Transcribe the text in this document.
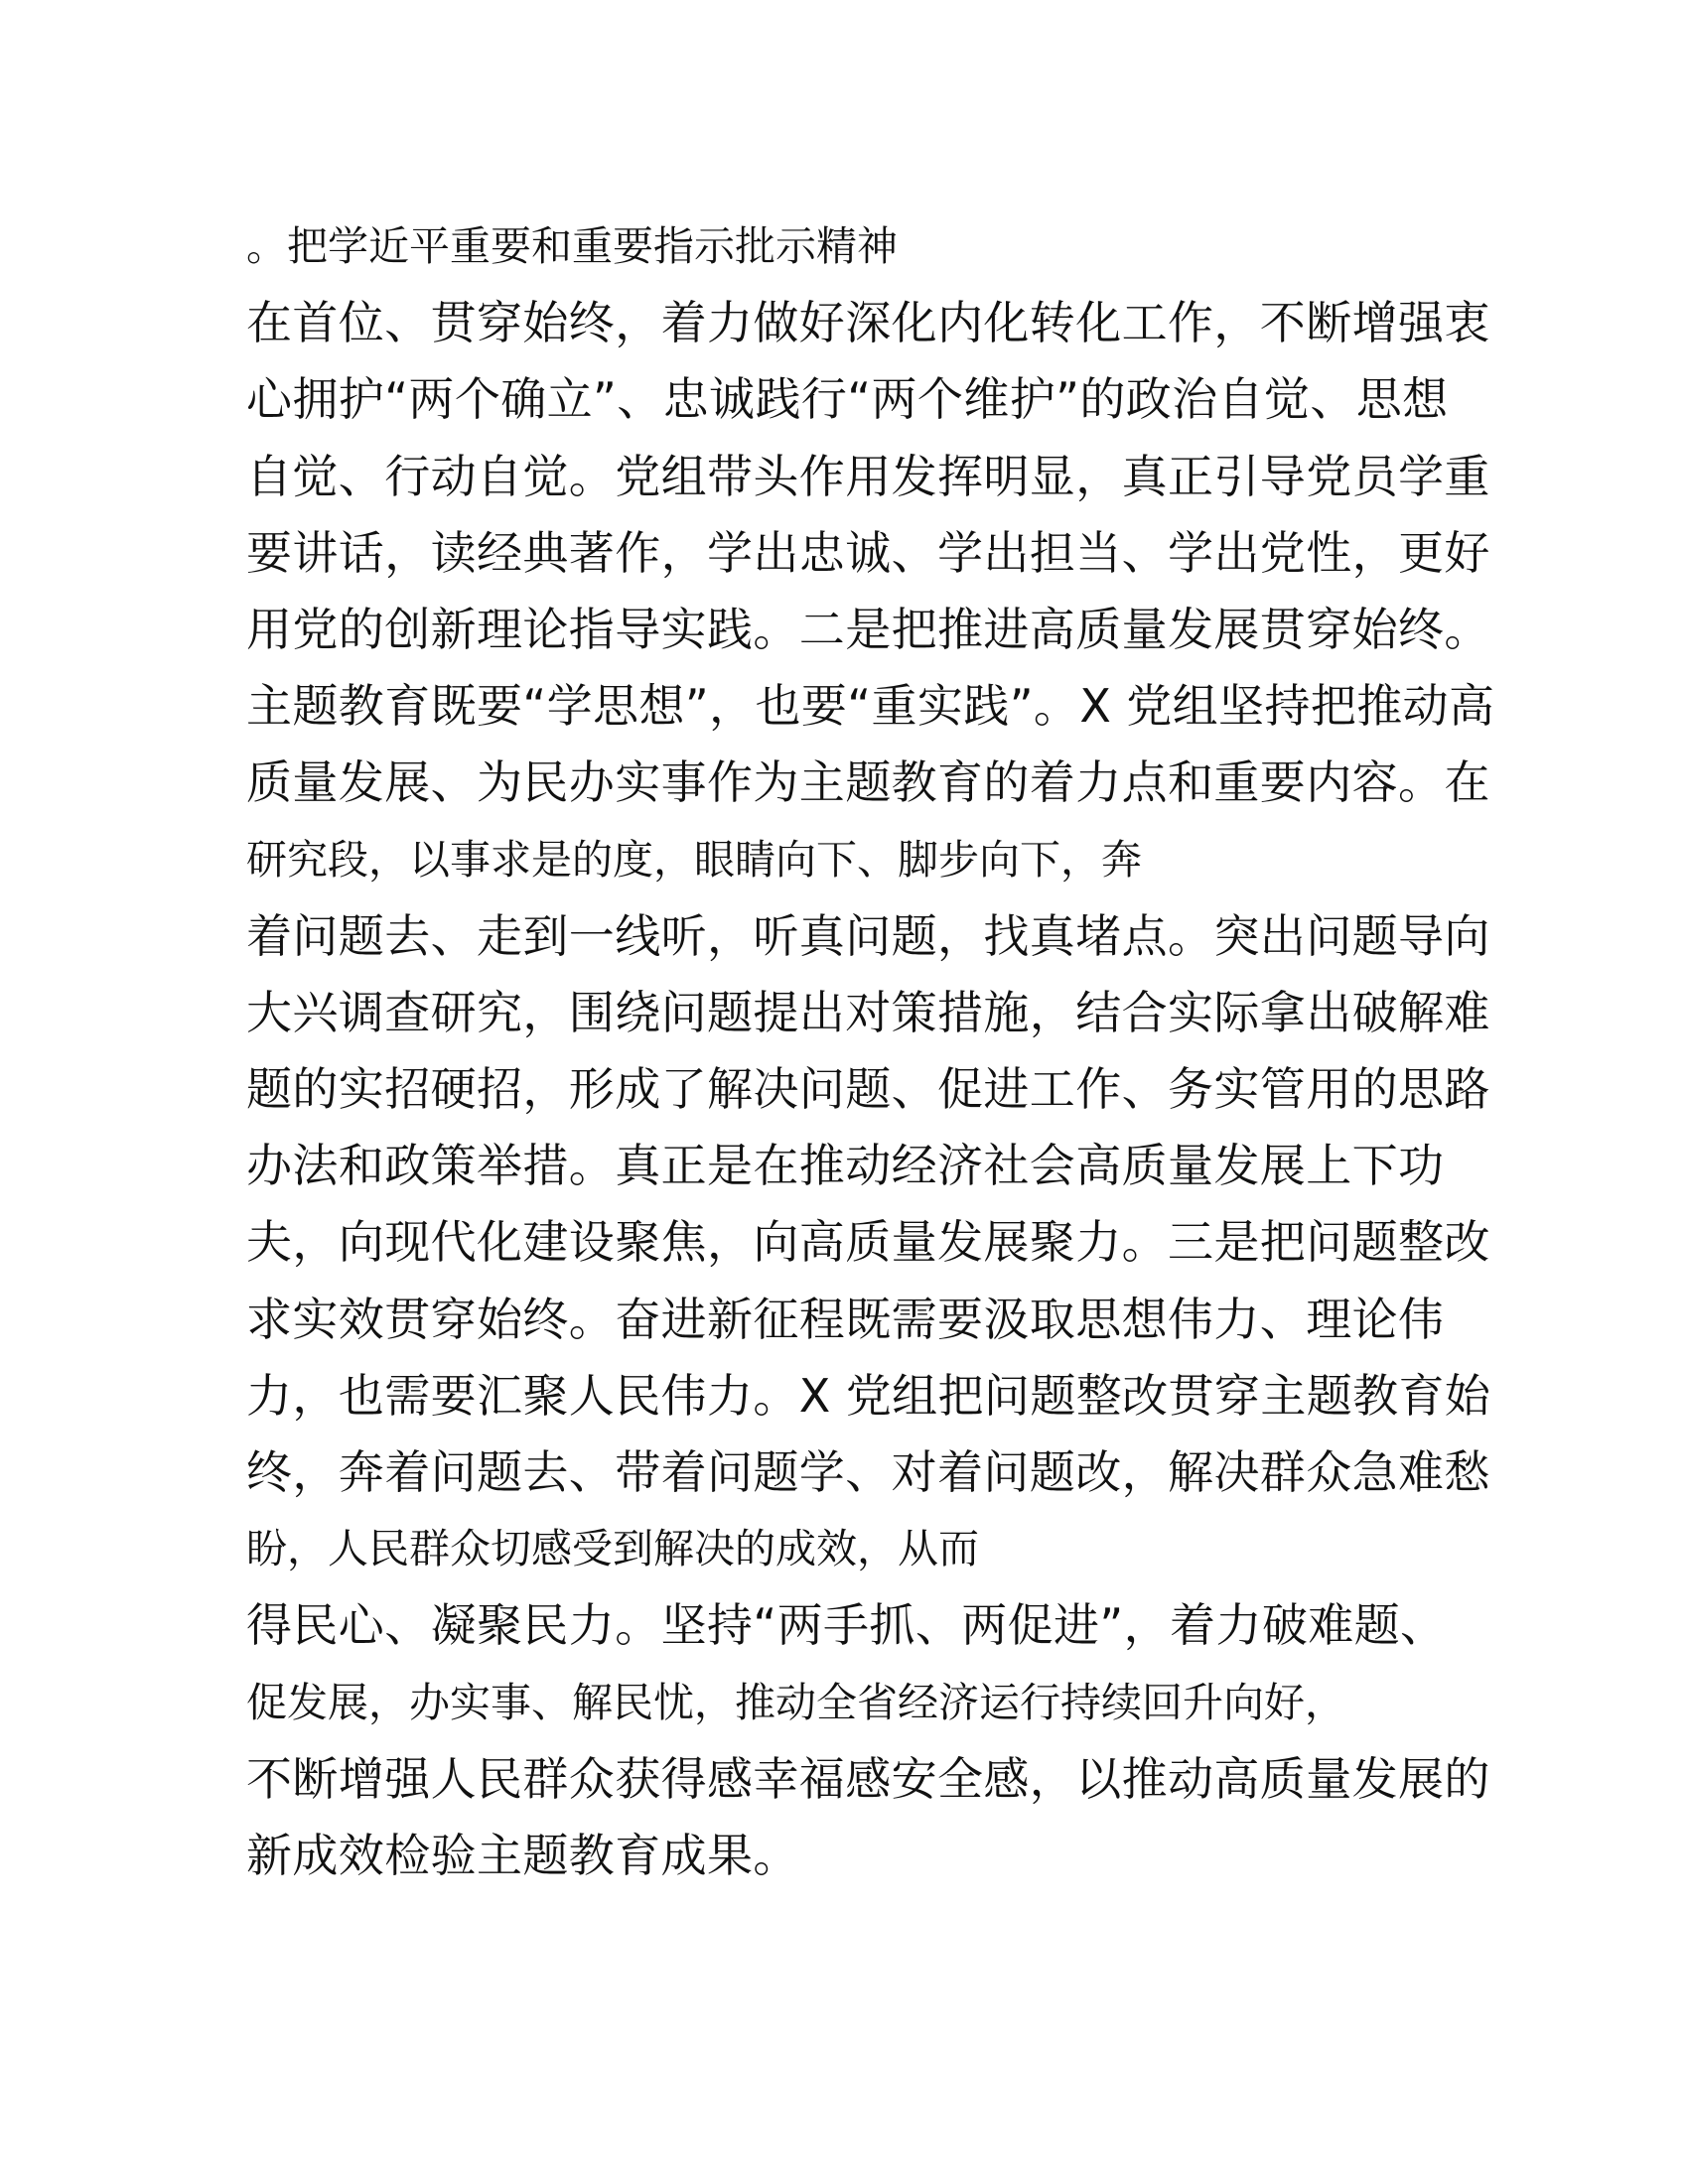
。把学近平重要和重要指示批示精神
在首位、贯穿始终，着力做好深化内化转化工作，不断增强衷
心拥护“两个确立”、忠诚践行“两个维护”的政治自觉、思想
自觉、行动自觉。党组带头作用发挥明显，真正引导党员学重
要讲话，读经典著作，学出忠诚、学出担当、学出党性，更好
用党的创新理论指导实践。二是把推进高质量发展贯穿始终。
主题教育既要“学思想”，也要“重实践”。X 党组坚持把推动高
质量发展、为民办实事作为主题教育的着力点和重要内容。在
研究段，以事求是的度，眼睛向下、脚步向下，奔
着问题去、走到一线听，听真问题，找真堵点。突出问题导向
大兴调查研究，围绕问题提出对策措施，结合实际拿出破解难
题的实招硬招，形成了解决问题、促进工作、务实管用的思路
办法和政策举措。真正是在推动经济社会高质量发展上下功
夫，向现代化建设聚焦，向高质量发展聚力。三是把问题整改
求实效贯穿始终。奋进新征程既需要汲取思想伟力、理论伟
力，也需要汇聚人民伟力。X 党组把问题整改贯穿主题教育始
终，奔着问题去、带着问题学、对着问题改，解决群众急难愁
盼，人民群众切感受到解决的成效，从而
得民心、凝聚民力。坚持“两手抓、两促进”，着力破难题、
促发展，办实事、解民忧，推动全省经济运行持续回升向好，
不断增强人民群众获得感幸福感安全感，以推动高质量发展的
新成效检验主题教育成果。
